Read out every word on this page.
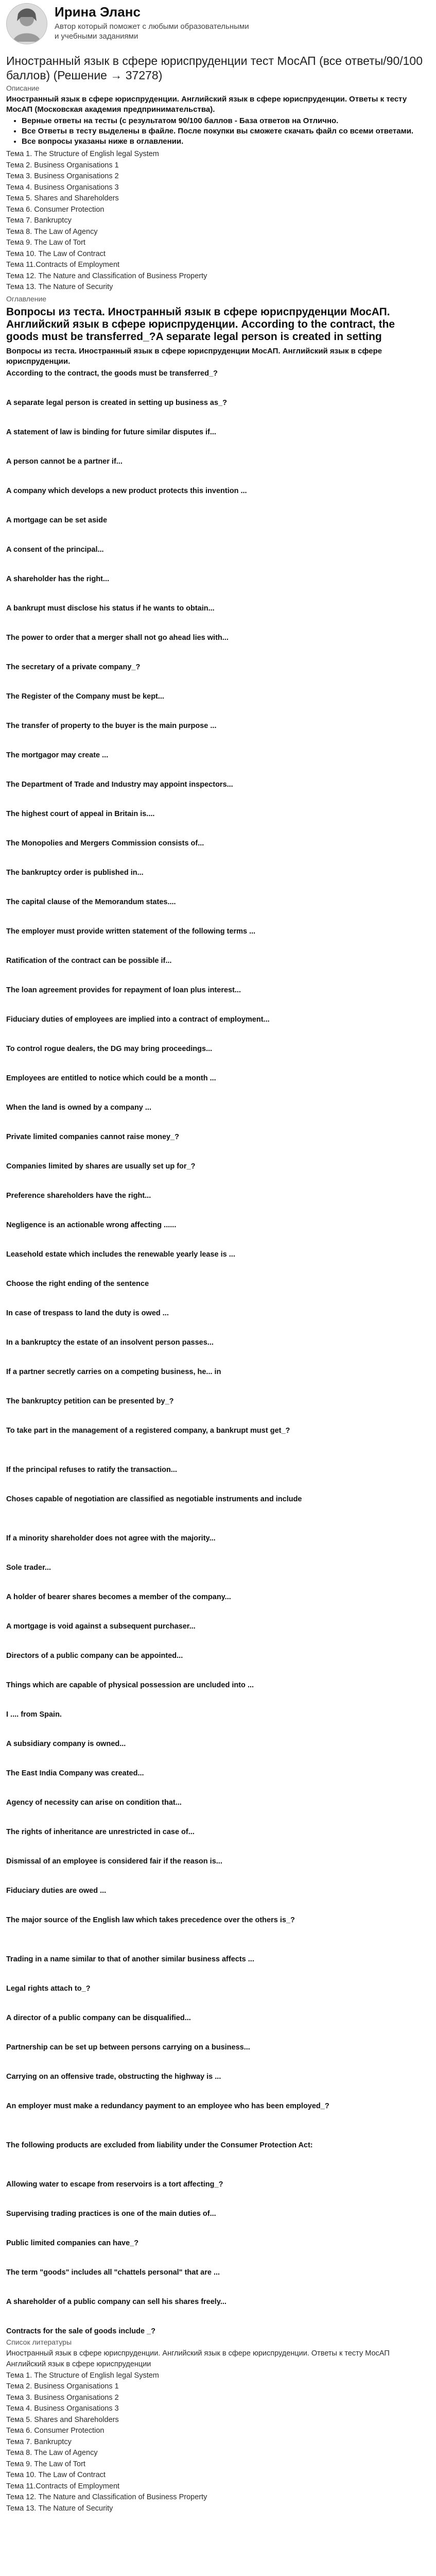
Ирина Эланс
Автор который поможет с любыми образовательными и учебными заданиями
Иностранный язык в сфере юриспруденции тест МосАП (все ответы/90/100 баллов) (Решение → 37278)
Описание
Иностранный язык в сфере юриспруденции. Английский язык в сфере юриспруденции. Ответы к тесту МосАП (Московская академия предпринимательства).
• Верные ответы на тесты (с результатом 90/100 баллов - База ответов на Отлично.
• Все Ответы в тесту выделены в файле. После покупки вы сможете скачать файл со всеми ответами.
• Все вопросы указаны ниже в оглавлении.
Тема 1. The Structure of English legal System
Тема 2. Business Organisations 1
Тема 3. Business Organisations 2
Тема 4. Business Organisations 3
Тема 5. Shares and Shareholders
Тема 6. Consumer Protection
Тема 7. Bankruptcy
Тема 8. The Law of Agency
Тема 9. The Law of Tort
Тема 10. The Law of Contract
Тема 11.Contracts of Employment
Тема 12. The Nature and Classification of Business Property
Тема 13. The Nature of Security
Оглавление
Вопросы из теста. Иностранный язык в сфере юриспруденции МосАП. Английский язык в сфере юриспруденции. According to the contract, the goods must be transferred_?A separate legal person is created in setting
Вопросы из теста. Иностранный язык в сфере юриспруденции МосАП. Английский язык в сфере юриспруденции.
According to the contract, the goods must be transferred_?
A separate legal person is created in setting up business as_?
A statement of law is binding for future similar disputes if...
A person cannot be a partner if...
A company which develops a new product protects this invention ...
A mortgage can be set aside
A consent of the principal...
A shareholder has the right...
A bankrupt must disclose his status if he wants to obtain...
The power to order that a merger shall not go ahead lies with...
The secretary of a private company_?
The Register of the Company must be kept...
The transfer of property to the buyer is the main purpose ...
The mortgagor may create ...
The Department of Trade and Industry may appoint inspectors...
The highest court of appeal in Britain is....
The Monopolies and Mergers Commission consists of...
The bankruptcy order is published in...
The capital clause of the Memorandum states....
The employer must provide written statement of the following terms ...
Ratification of the contract can be possible if...
The loan agreement provides for repayment of loan plus interest...
Fiduciary duties of employees are implied into a contract of employment...
To control rogue dealers, the DG may bring proceedings...
Employees are entitled to notice which could be a month ...
When the land is owned by a company ...
Private limited companies cannot raise money_?
Companies limited by shares are usually set up for_?
Preference shareholders have the right...
Negligence is an actionable wrong affecting ......
Leasehold estate which includes the renewable yearly lease is ...
Choose the right ending of the sentence
In case of trespass to land the duty is owed ...
In a bankruptcy the estate of an insolvent person passes...
If a partner secretly carries on a competing business, he... in
The bankruptcy petition can be presented by_?
To take part in the management of a registered company, a bankrupt must get_?
If the principal refuses to ratify the transaction...
Choses capable of negotiation are classified as negotiable instruments and include
If a minority shareholder does not agree with the majority...
Sole trader...
A holder of bearer shares becomes a member of the company...
A mortgage is void against a subsequent purchaser...
Directors of a public company can be appointed...
Things which are capable of physical possession are uncluded into ...
I .... from Spain.
A subsidiary company is owned...
The East India Company was created...
Agency of necessity can arise on condition that...
The rights of inheritance are unrestricted in case of...
Dismissal of an employee is considered fair if the reason is...
Fiduciary duties are owed ...
The major source of the English law which takes precedence over the others is_?
Trading in a name similar to that of another similar business affects ...
Legal rights attach to_?
A director of a public company can be disqualified...
Partnership can be set up between persons carrying on a business...
Carrying on an offensive trade, obstructing the highway is ...
An employer must make a redundancy payment to an employee who has been employed_?
The following products are excluded from liability under the Consumer Protection Act:
Allowing water to escape from reservoirs is a tort affecting_?
Supervising trading practices is one of the main duties of...
Public limited companies can have_?
The term "goods" includes all "chattels personal" that are ...
A shareholder of a public company can sell his shares freely...
Contracts for the sale of goods include _?
Список литературы
Иностранный язык в сфере юриспруденции. Английский язык в сфере юриспруденции. Ответы к тесту МосАП
Английский язык в сфере юриспруденции
Тема 1. The Structure of English legal System
Тема 2. Business Organisations 1
Тема 3. Business Organisations 2
Тема 4. Business Organisations 3
Тема 5. Shares and Shareholders
Тема 6. Consumer Protection
Тема 7. Bankruptcy
Тема 8. The Law of Agency
Тема 9. The Law of Tort
Тема 10. The Law of Contract
Тема 11.Contracts of Employment
Тема 12. The Nature and Classification of Business Property
Тема 13. The Nature of Security
